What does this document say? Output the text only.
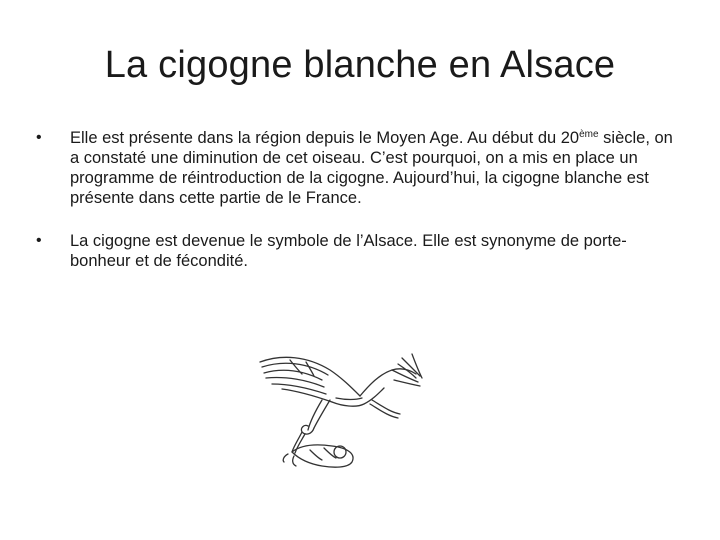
La cigogne blanche en Alsace
•	Elle est présente dans la région depuis le Moyen Age. Au début du 20ème siècle, on a constaté une diminution de cet oiseau. C’est pourquoi, on a mis en place un programme de réintroduction de la cigogne. Aujourd’hui, la cigogne blanche est présente dans cette partie de le France.
•	La cigogne est devenue le symbole de l’Alsace. Elle est synonyme de porte-bonheur et de fécondité.
